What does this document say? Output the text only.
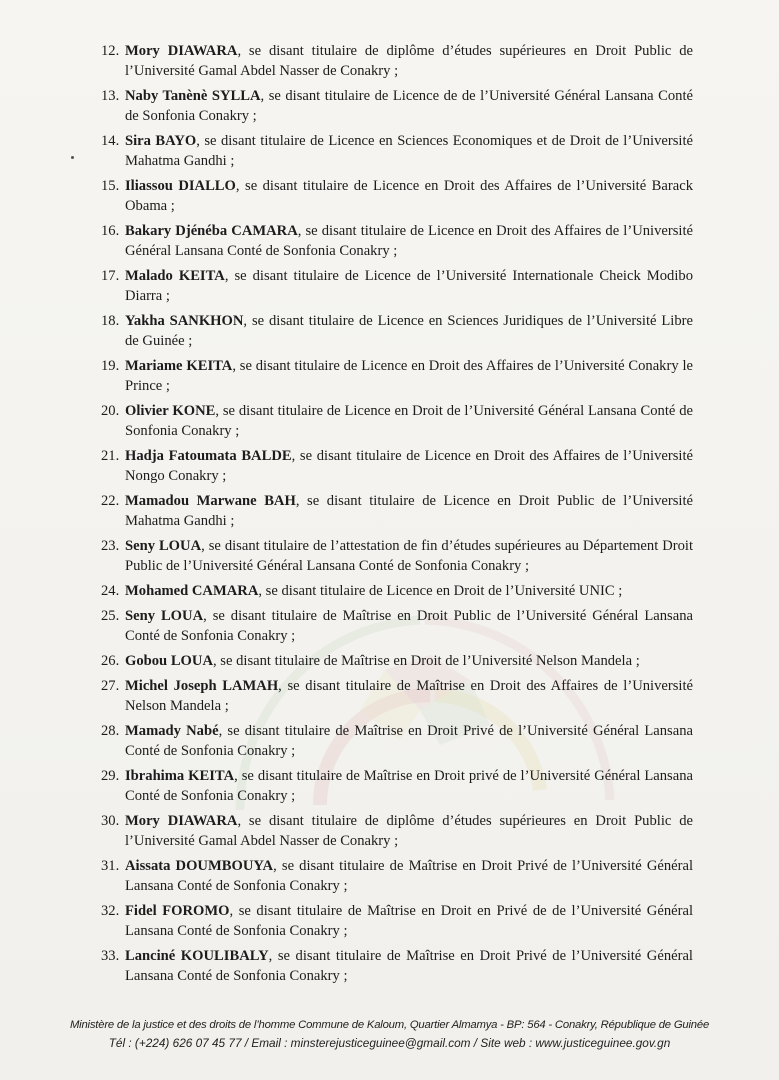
12. Mory DIAWARA, se disant titulaire de diplôme d’études supérieures en Droit Public de l’Université Gamal Abdel Nasser de Conakry ;
13. Naby Tanènè SYLLA, se disant titulaire de Licence de de l’Université Général Lansana Conté de Sonfonia Conakry ;
14. Sira BAYO, se disant titulaire de Licence en Sciences Economiques et de Droit de l’Université Mahatma Gandhi ;
15. Iliassou DIALLO, se disant titulaire de Licence en Droit des Affaires de l’Université Barack Obama ;
16. Bakary Djénéba CAMARA, se disant titulaire de Licence en Droit des Affaires de l’Université Général Lansana Conté de Sonfonia Conakry ;
17. Malado KEITA, se disant titulaire de Licence de l’Université Internationale Cheick Modibo Diarra ;
18. Yakha SANKHON, se disant titulaire de Licence en Sciences Juridiques de l’Université Libre de Guinée ;
19. Mariame KEITA, se disant titulaire de Licence en Droit des Affaires de l’Université Conakry le Prince ;
20. Olivier KONE, se disant titulaire de Licence en Droit de l’Université Général Lansana Conté de Sonfonia Conakry ;
21. Hadja Fatoumata BALDE, se disant titulaire de Licence en Droit des Affaires de l’Université Nongo Conakry ;
22. Mamadou Marwane BAH, se disant titulaire de Licence en Droit Public de l’Université Mahatma Gandhi ;
23. Seny LOUA, se disant titulaire de l’attestation de fin d’études supérieures au Département Droit Public de l’Université Général Lansana Conté de Sonfonia Conakry ;
24. Mohamed CAMARA, se disant titulaire de Licence en Droit de l’Université UNIC ;
25. Seny LOUA, se disant titulaire de Maîtrise en Droit Public de l’Université Général Lansana Conté de Sonfonia Conakry ;
26. Gobou LOUA, se disant titulaire de Maîtrise en Droit de l’Université Nelson Mandela ;
27. Michel Joseph LAMAH, se disant titulaire de Maîtrise en Droit des Affaires de l’Université Nelson Mandela ;
28. Mamady Nabé, se disant titulaire de Maîtrise en Droit Privé de l’Université Général Lansana Conté de Sonfonia Conakry ;
29. Ibrahima KEITA, se disant titulaire de Maîtrise en Droit privé de l’Université Général Lansana Conté de Sonfonia Conakry ;
30. Mory DIAWARA, se disant titulaire de diplôme d’études supérieures en Droit Public de l’Université Gamal Abdel Nasser de Conakry ;
31. Aissata DOUMBOUYA, se disant titulaire de Maîtrise en Droit Privé de l’Université Général Lansana Conté de Sonfonia Conakry ;
32. Fidel FOROMO, se disant titulaire de Maîtrise en Droit en Privé de de l’Université Général Lansana Conté de Sonfonia Conakry ;
33. Lanciné KOULIBALY, se disant titulaire de Maîtrise en Droit Privé de l’Université Général Lansana Conté de Sonfonia Conakry ;
Ministère de la justice et des droits de l’homme Commune de Kaloum, Quartier Almamya - BP: 564 - Conakry, République de Guinée
Tél : (+224) 626 07 45 77 / Email : minsterejusticeguinee@gmail.com / Site web : www.justiceguinee.gov.gn
